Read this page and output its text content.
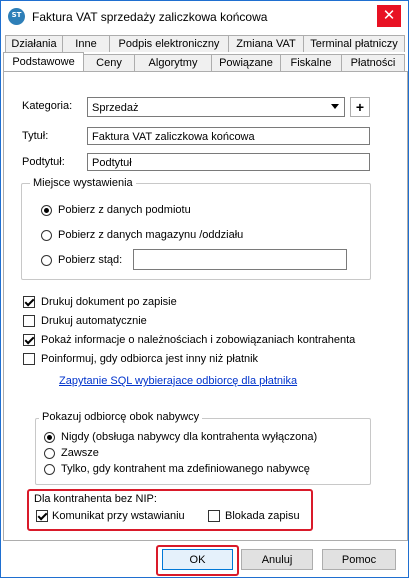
ST Faktura VAT sprzedaży zaliczkowa końcowa	✕
Działania	Inne	Podpis elektroniczny	Zmiana VAT	Terminal płatniczy
Podstawowe	Ceny	Algorytmy	Powiązane	Fiskalne	Płatności
Kategoria:	Sprzedaż	+
Tytuł:	Faktura VAT zaliczkowa końcowa
Podtytuł:	Podtytuł
Miejsce wystawienia
Pobierz z danych podmiotu
Pobierz z danych magazynu /oddziału
Pobierz stąd:
Drukuj dokument po zapisie
Drukuj automatycznie
Pokaż informacje o należnościach i zobowiązaniach kontrahenta
Poinformuj, gdy odbiorca jest inny niż płatnik
Zapytanie SQL wybierajace odbiorcę dla płatnika
Pokazuj odbiorcę obok nabywcy
Nigdy (obsługa nabywcy dla kontrahenta wyłączona)
Zawsze
Tylko, gdy kontrahent ma zdefiniowanego nabywcę
Dla kontrahenta bez NIP:
Komunikat przy wstawianiu	Blokada zapisu
OK	Anuluj	Pomoc
